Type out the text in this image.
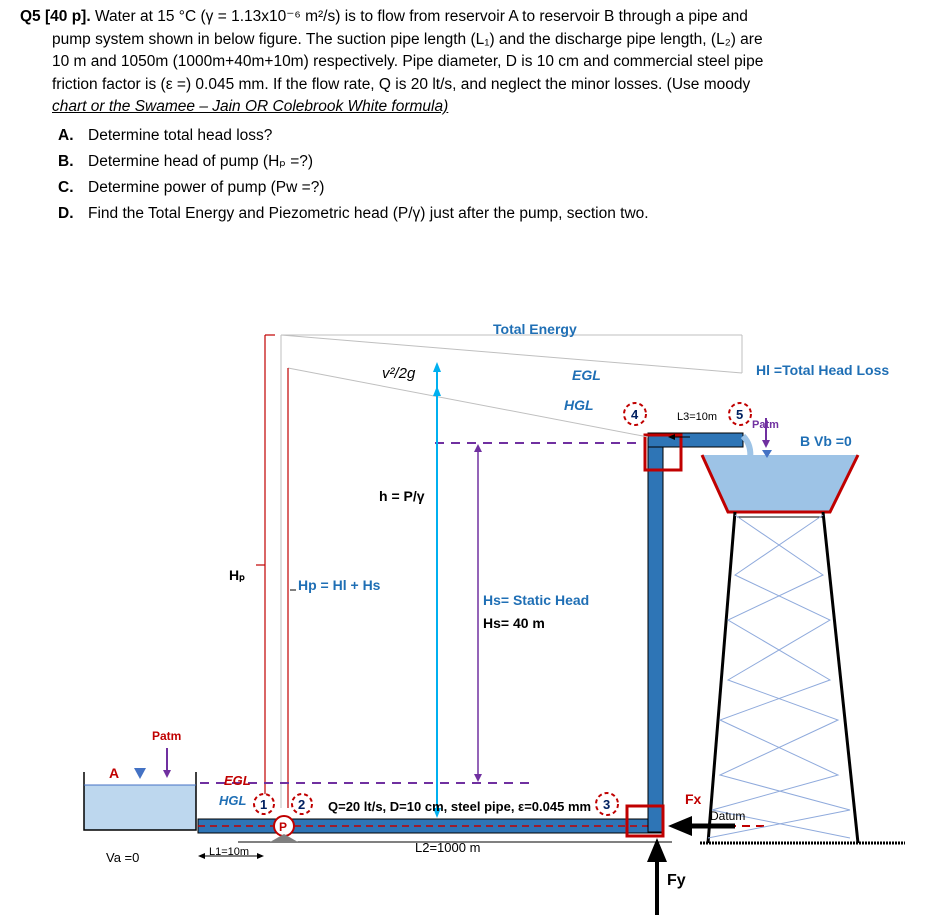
Q5 [40 p]. Water at 15 °C (γ = 1.13x10⁻⁶ m²/s) is to flow from reservoir A to reservoir B through a pipe and

pump system shown in below figure. The suction pipe length (L₁) and the discharge pipe length, (L₂) are

10 m and 1050m (1000m+40m+10m) respectively. Pipe diameter, D is 10 cm and commercial steel pipe

friction factor is (ε =) 0.045 mm. If the flow rate, Q is 20 lt/s, and neglect the minor losses. (Use moody

chart or the Swamee – Jain OR Colebrook White formula)

A. Determine total head loss?
B. Determine head of pump (Hₚ =?)
C. Determine power of pump (Pᴡ =?)
D. Find the Total Energy and Piezometric head (P/γ) just after the pump, section two.
P
1 2	3
4	5
Total Energy
v²/2g	EGL
HGL
h = P/γ
Hₚ
Hp = Hl + Hs
Hs= Static Head
Hs= 40 m
Hl =Total Head Loss
L3=10m
Patm
B Vb =0
Patm
A
Va =0	L1=10m	L2=1000 m
Q=20 lt/s, D=10 cm, steel pipe, ε=0.045 mm	Fx
Fy
Datum
EGL
HGL
